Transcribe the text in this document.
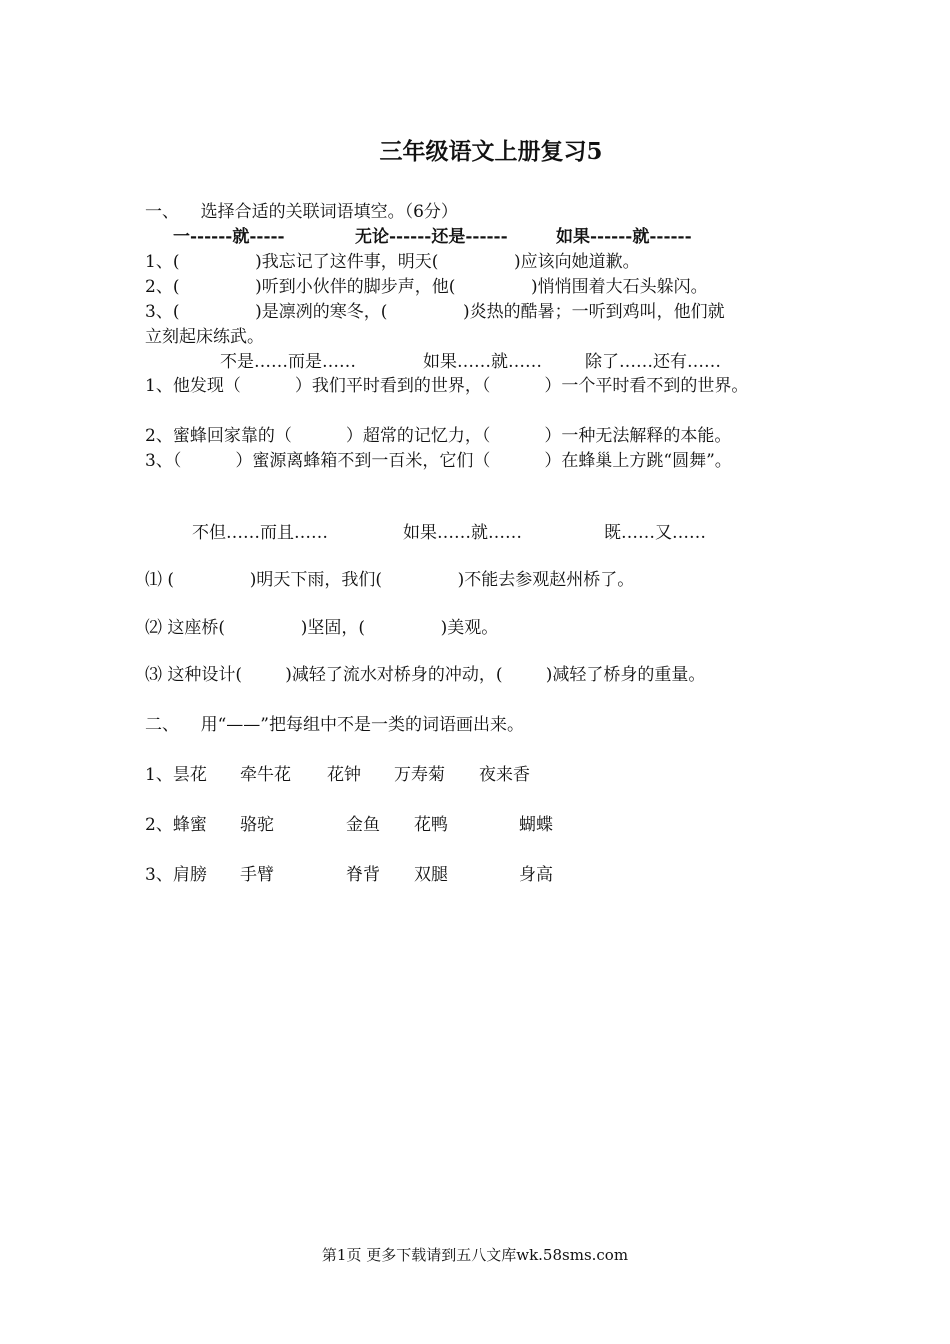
三年级语文上册复习5
一、    选择合适的关联词语填空。（6分）
一------就-----	无论------还是------	如果------就------
1、(              )我忘记了这件事，明天(              )应该向她道歉。
2、(              )听到小伙伴的脚步声，他(              )悄悄围着大石头躲闪。
3、(              )是凛冽的寒冬，(              )炎热的酷暑；一听到鸡叫，他们就
立刻起床练武。
不是……而是……	如果……就……	除了……还有……
1、他发现（          ）我们平时看到的世界，（          ）一个平时看不到的世界。
2、蜜蜂回家靠的（          ）超常的记忆力，（          ）一种无法解释的本能。
3、（          ）蜜源离蜂箱不到一百米，它们（          ）在蜂巢上方跳“圆舞”。
不但……而且……	如果……就……	既……又……
⑴ (              )明天下雨，我们(              )不能去参观赵州桥了。
⑵ 这座桥(              )坚固，(              )美观。
⑶ 这种设计(        )减轻了流水对桥身的冲动，(        )减轻了桥身的重量。
二、    用“——”把每组中不是一类的词语画出来。
1、昙花 牵牛花 花钟 万寿菊 夜来香
2、蜂蜜 骆驼	金鱼 花鸭	蝴蝶
3、肩膀 手臂	脊背 双腿	身高
第1页 更多下载请到五八文库wk.58sms.com
